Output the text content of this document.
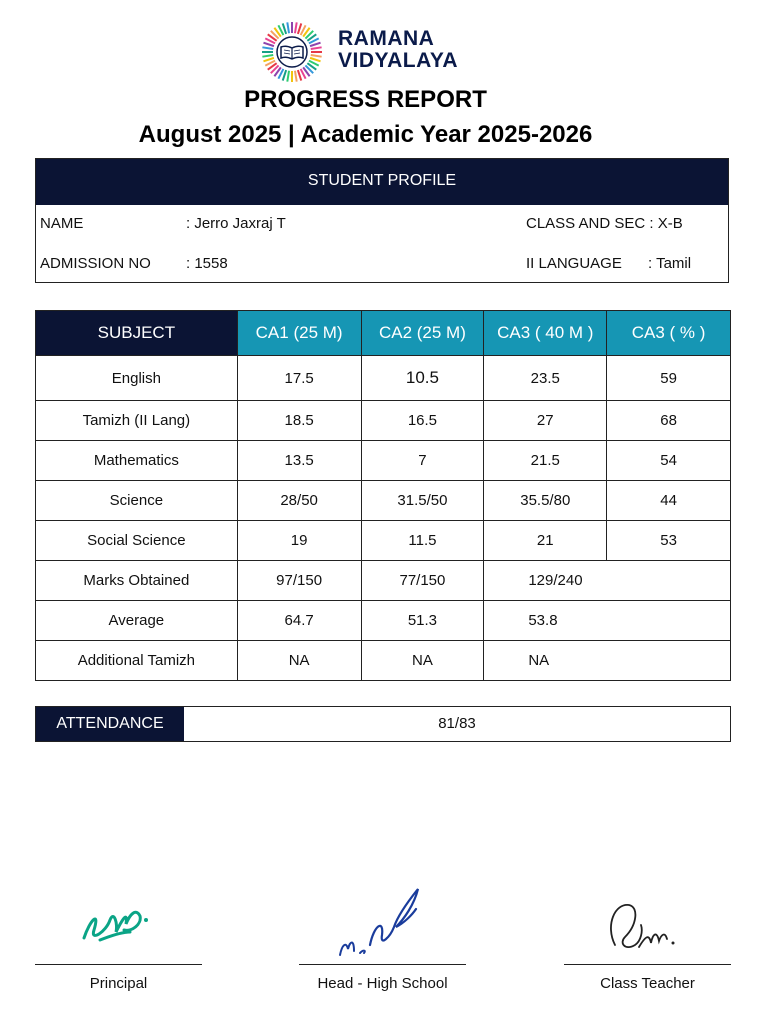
RAMANA
VIDYALAYA
PROGRESS REPORT
August 2025 | Academic Year 2025-2026
STUDENT PROFILE
NAME	: Jerro Jaxraj T	CLASS AND SEC : X-B
ADMISSION NO : 1558	II LANGUAGE : Tamil
SUBJECT	CA1 (25 M)	CA2 (25 M)	CA3 ( 40 M )	CA3 ( % )
English	17.5	10.5	23.5	59
Tamizh (II Lang)	18.5	16.5	27	68
Mathematics	13.5	7	21.5	54
Science	28/50	31.5/50	35.5/80	44
Social Science	19	11.5	21	53
Marks Obtained	97/150	77/150	129/240	
Average	64.7	51.3	53.8	
Additional Tamizh	NA	NA	NA	
ATTENDANCE	81/83
Principal	Head - High School	Class Teacher
